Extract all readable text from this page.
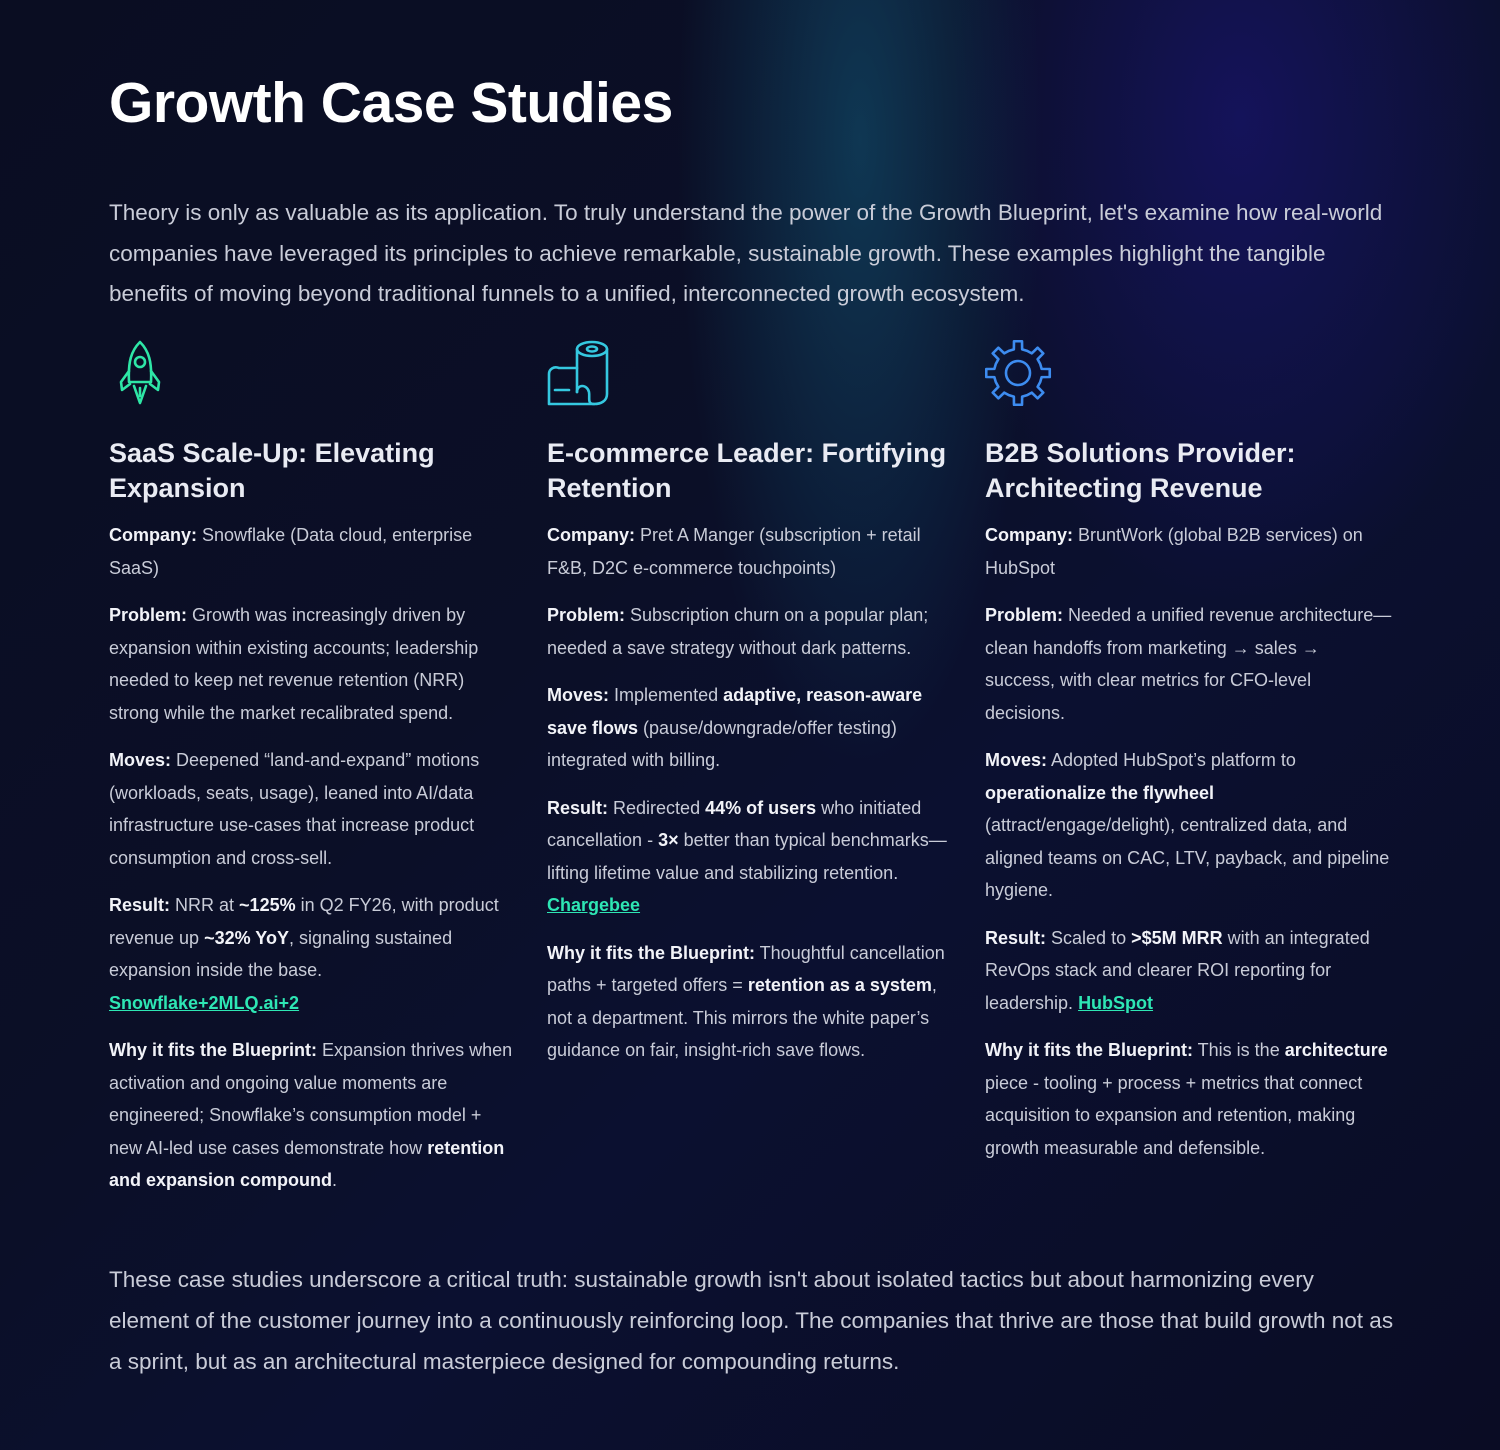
Growth Case Studies

Theory is only as valuable as its application. To truly understand the power of the Growth Blueprint, let's examine how real-world companies have leveraged its principles to achieve remarkable, sustainable growth. These examples highlight the tangible benefits of moving beyond traditional funnels to a unified, interconnected growth ecosystem.

SaaS Scale-Up: Elevating Expansion

Company: Snowflake (Data cloud, enterprise SaaS)

Problem: Growth was increasingly driven by expansion within existing accounts; leadership needed to keep net revenue retention (NRR) strong while the market recalibrated spend.

Moves: Deepened “land-and-expand” motions (workloads, seats, usage), leaned into AI/data infrastructure use-cases that increase product consumption and cross-sell.

Result: NRR at ~125% in Q2 FY26, with product revenue up ~32% YoY, signaling sustained expansion inside the base. Snowflake+2MLQ.ai+2

Why it fits the Blueprint: Expansion thrives when activation and ongoing value moments are engineered; Snowflake’s consumption model + new AI-led use cases demonstrate how retention and expansion compound.

E-commerce Leader: Fortifying Retention

Company: Pret A Manger (subscription + retail F&B, D2C e-commerce touchpoints)

Problem: Subscription churn on a popular plan; needed a save strategy without dark patterns.

Moves: Implemented adaptive, reason-aware save flows (pause/downgrade/offer testing) integrated with billing.

Result: Redirected 44% of users who initiated cancellation - 3× better than typical benchmarks—lifting lifetime value and stabilizing retention. Chargebee

Why it fits the Blueprint: Thoughtful cancellation paths + targeted offers = retention as a system, not a department. This mirrors the white paper’s guidance on fair, insight-rich save flows.

B2B Solutions Provider: Architecting Revenue

Company: BruntWork (global B2B services) on HubSpot

Problem: Needed a unified revenue architecture—clean handoffs from marketing → sales → success, with clear metrics for CFO-level decisions.

Moves: Adopted HubSpot’s platform to operationalize the flywheel (attract/engage/delight), centralized data, and aligned teams on CAC, LTV, payback, and pipeline hygiene.

Result: Scaled to >$5M MRR with an integrated RevOps stack and clearer ROI reporting for leadership. HubSpot

Why it fits the Blueprint: This is the architecture piece - tooling + process + metrics that connect acquisition to expansion and retention, making growth measurable and defensible.

These case studies underscore a critical truth: sustainable growth isn't about isolated tactics but about harmonizing every element of the customer journey into a continuously reinforcing loop. The companies that thrive are those that build growth not as a sprint, but as an architectural masterpiece designed for compounding returns.
